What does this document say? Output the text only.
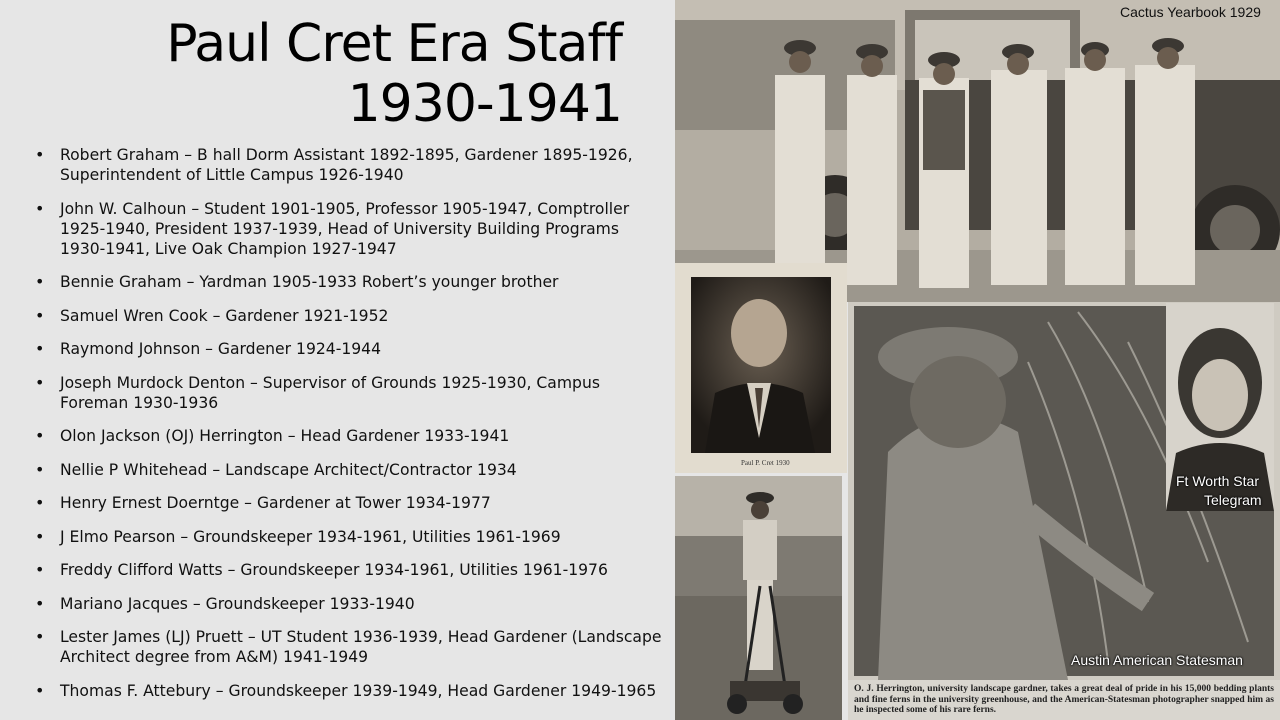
Paul Cret Era Staff
1930-1941
• Robert Graham – B hall Dorm Assistant 1892-1895, Gardener 1895-1926, Superintendent of Little Campus 1926-1940
• John W. Calhoun – Student 1901-1905, Professor 1905-1947, Comptroller 1925-1940, President 1937-1939, Head of University Building Programs 1930-1941, Live Oak Champion 1927-1947
• Bennie Graham – Yardman 1905-1933 Robert’s younger brother
• Samuel Wren Cook – Gardener 1921-1952
• Raymond Johnson – Gardener 1924-1944
• Joseph Murdock Denton – Supervisor of Grounds 1925-1930, Campus Foreman 1930-1936
• Olon Jackson (OJ) Herrington – Head Gardener 1933-1941
• Nellie P Whitehead – Landscape Architect/Contractor 1934
• Henry Ernest Doerntge – Gardener at Tower 1934-1977
• J Elmo Pearson – Groundskeeper 1934-1961, Utilities 1961-1969
• Freddy Clifford Watts – Groundskeeper 1934-1961, Utilities 1961-1976
• Mariano Jacques – Groundskeeper 1933-1940
• Lester James (LJ) Pruett – UT Student 1936-1939, Head Gardener (Landscape Architect degree from A&M) 1941-1949
• Thomas F. Attebury – Groundskeeper 1939-1949, Head Gardener 1949-1965
Cactus Yearbook 1929
Paul P. Cret 1930
Ft Worth Star
Telegram
Austin American Statesman
O. J. Herrington, university landscape gardner, takes a great deal of pride in his 15,000 bedding plants and fine ferns in the university greenhouse, and the American-Statesman photographer snapped him as he inspected some of his rare ferns.
